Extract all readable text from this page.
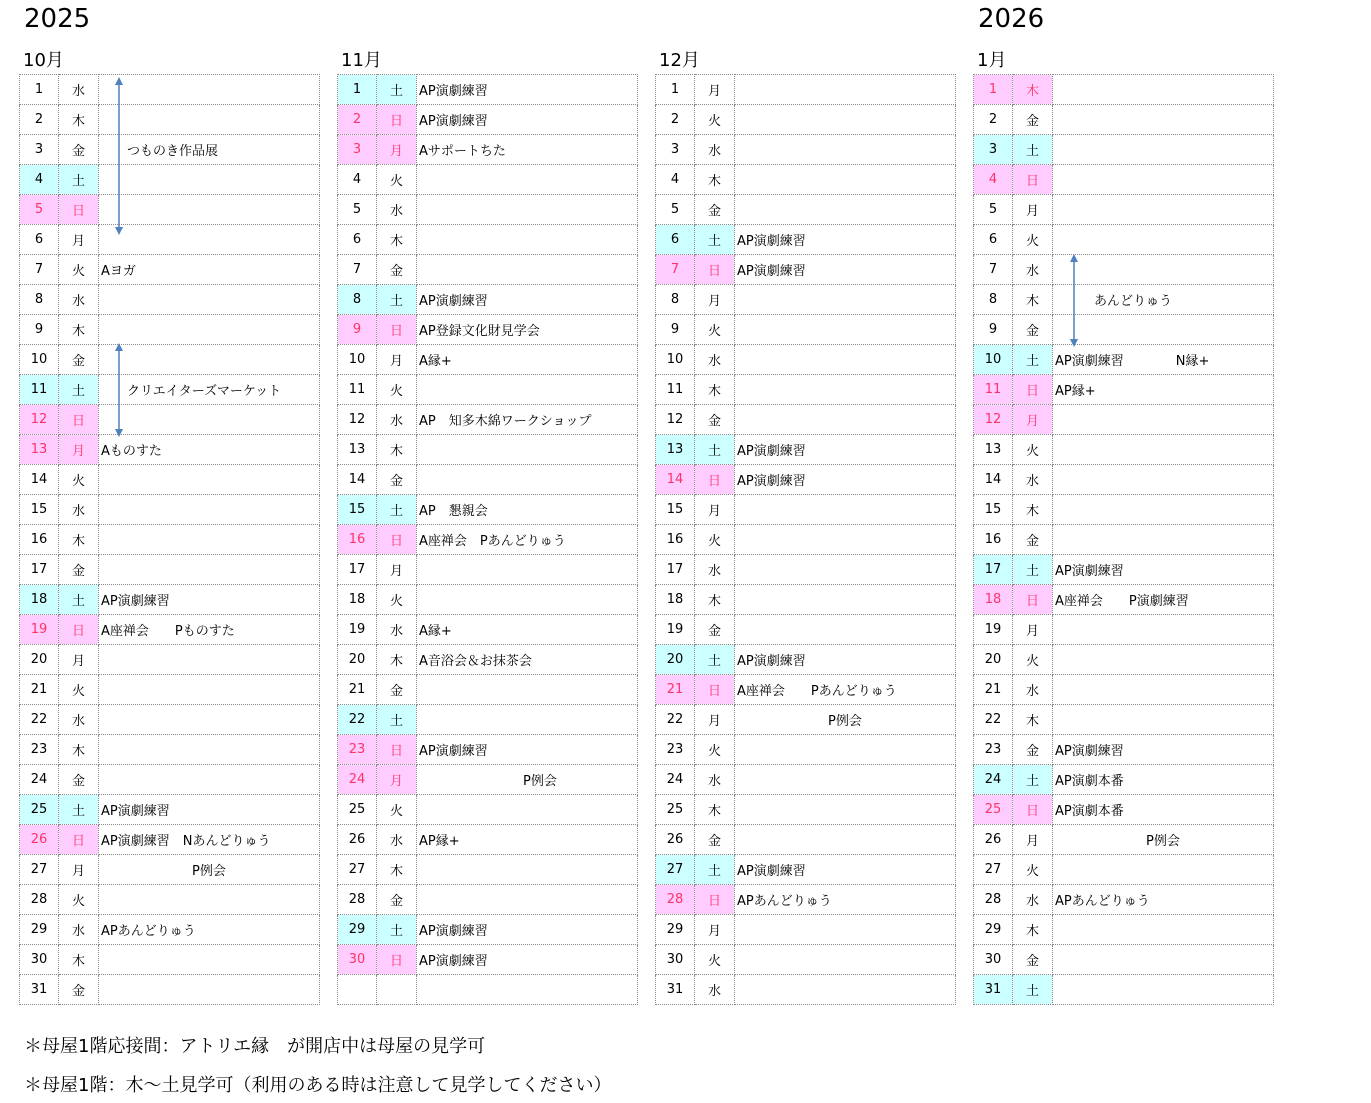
2025	2026
10月
1	水	
2	木	
3	金	　　つものき作品展
4	土	
5	日	
6	月	
7	火	Aヨガ
8	水	
9	木	
10	金	
11	土	　　クリエイターズマーケット
12	日	
13	月	Aものすた
14	火	
15	水	
16	木	
17	金	
18	土	AP演劇練習
19	日	A座禅会　　Pものすた
20	月	
21	火	
22	水	
23	木	
24	金	
25	土	AP演劇練習
26	日	AP演劇練習　Nあんどりゅう
27	月	　　　　　　　P例会
28	火	
29	水	APあんどりゅう
30	木	
31	金	
11月
1	土	AP演劇練習
2	日	AP演劇練習
3	月	Aサポートちた
4	火	
5	水	
6	木	
7	金	
8	土	AP演劇練習
9	日	AP登録文化財見学会
10	月	A縁+
11	火	
12	水	AP　知多木綿ワークショップ
13	木	
14	金	
15	土	AP　懇親会
16	日	A座禅会　Pあんどりゅう
17	月	
18	火	
19	水	A縁+
20	木	A音浴会＆お抹茶会
21	金	
22	土	
23	日	AP演劇練習
24	月	　　　　　　　　P例会
25	火	
26	水	AP縁+
27	木	
28	金	
29	土	AP演劇練習
30	日	AP演劇練習

12月
1	月	
2	火	
3	水	
4	木	
5	金	
6	土	AP演劇練習
7	日	AP演劇練習
8	月	
9	火	
10	水	
11	木	
12	金	
13	土	AP演劇練習
14	日	AP演劇練習
15	月	
16	火	
17	水	
18	木	
19	金	
20	土	AP演劇練習
21	日	A座禅会　　Pあんどりゅう
22	月	　　　　　　　P例会
23	火	
24	水	
25	木	
26	金	
27	土	AP演劇練習
28	日	APあんどりゅう
29	月	
30	火	
31	水	
1月
1	木	
2	金	
3	土	
4	日	
5	月	
6	火	
7	水	
8	木	　　　あんどりゅう
9	金	
10	土	AP演劇練習　　　　N縁+
11	日	AP縁+
12	月	
13	火	
14	水	
15	木	
16	金	
17	土	AP演劇練習
18	日	A座禅会　　P演劇練習
19	月	
20	火	
21	水	
22	木	
23	金	AP演劇練習
24	土	AP演劇本番
25	日	AP演劇本番
26	月	　　　　　　　P例会
27	火	
28	水	APあんどりゅう
29	木	
30	金	
31	土	
＊母屋1階応接間：アトリエ縁　が開店中は母屋の見学可
＊母屋1階：木～土見学可（利用のある時は注意して見学してください）
